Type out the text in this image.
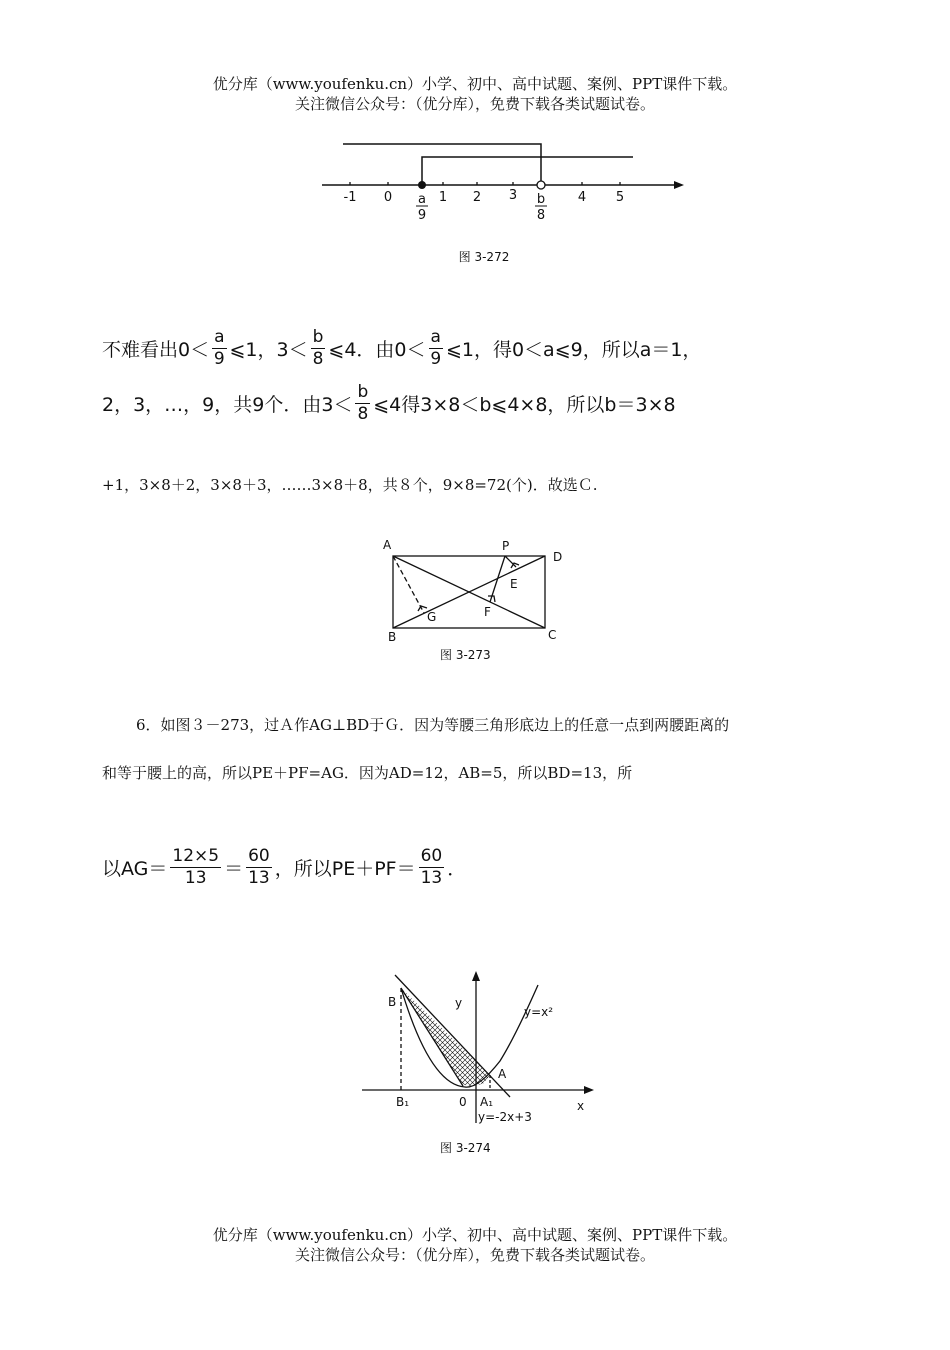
优分库（www.youfenku.cn）小学、初中、高中试题、案例、PPT课件下载。
关注微信公众号：（优分库），免费下载各类试题试卷。
-1 0	1 2 3	4 5
a
9
b
8
图 3-272
不难看出$0< \frac{a}{9}$ ⩽1，$3< \frac{b}{8}$ ⩽4．由$0< \frac{a}{9}$ ⩽1，得0＜a⩽9，所以a＝1，
2，3，…，9，共9个．由$3< \frac{b}{8}$ ⩽4得3×8＜b⩽4×8，所以b＝3×8
+1，3×8＋2，3×8＋3，……3×8＋8，共８个，9×8=72(个)．故选Ｃ.
A	P
D
E
F
G
B	C
图 3-273
6．如图３－273，过Ａ作AG⊥BD于Ｇ．因为等腰三角形底边上的任意一点到两腰距离的
和等于腰上的高，所以PE＋PF=AG．因为AD=12，AB=5，所以BD=13，所
以$AG= \frac{12\times 5}{13} = \frac{60}{13}$ ，所以$PE+PF= \frac{60}{13}$ ．
B	y
y=x²
A
A₁
B₁	0	x
y=-2x+3
图 3-274
优分库（www.youfenku.cn）小学、初中、高中试题、案例、PPT课件下载。
关注微信公众号：（优分库），免费下载各类试题试卷。
